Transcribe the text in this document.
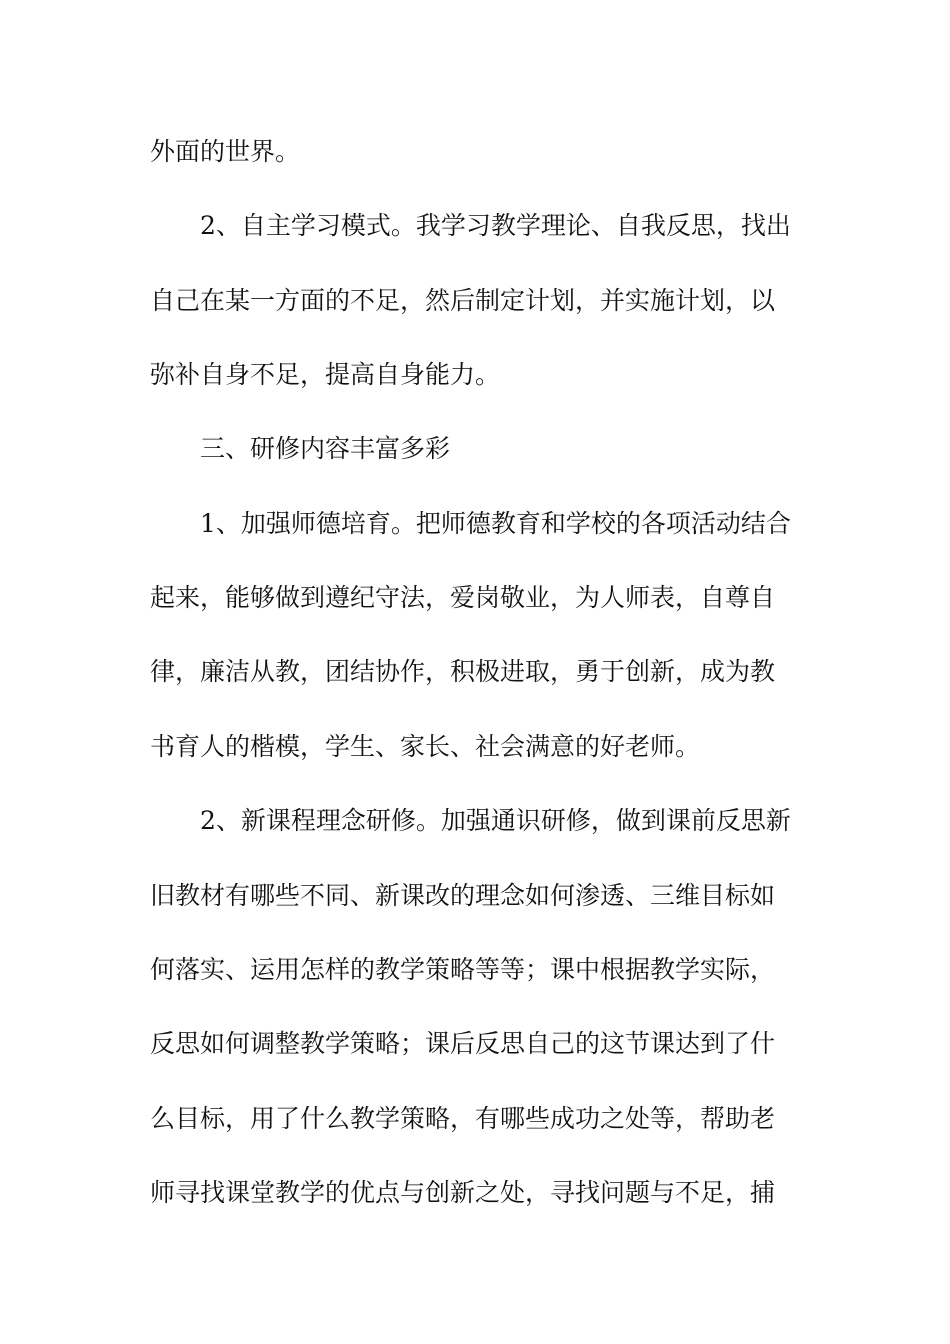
外面的世界。
2、自主学习模式。我学习教学理论、自我反思，找出
自己在某一方面的不足，然后制定计划，并实施计划，以
弥补自身不足，提高自身能力。
三、研修内容丰富多彩
1、加强师德培育。把师德教育和学校的各项活动结合
起来，能够做到遵纪守法，爱岗敬业，为人师表，自尊自
律，廉洁从教，团结协作，积极进取，勇于创新，成为教
书育人的楷模，学生、家长、社会满意的好老师。
2、新课程理念研修。加强通识研修，做到课前反思新
旧教材有哪些不同、新课改的理念如何渗透、三维目标如
何落实、运用怎样的教学策略等等；课中根据教学实际，
反思如何调整教学策略；课后反思自己的这节课达到了什
么目标，用了什么教学策略，有哪些成功之处等，帮助老
师寻找课堂教学的优点与创新之处，寻找问题与不足，捕
